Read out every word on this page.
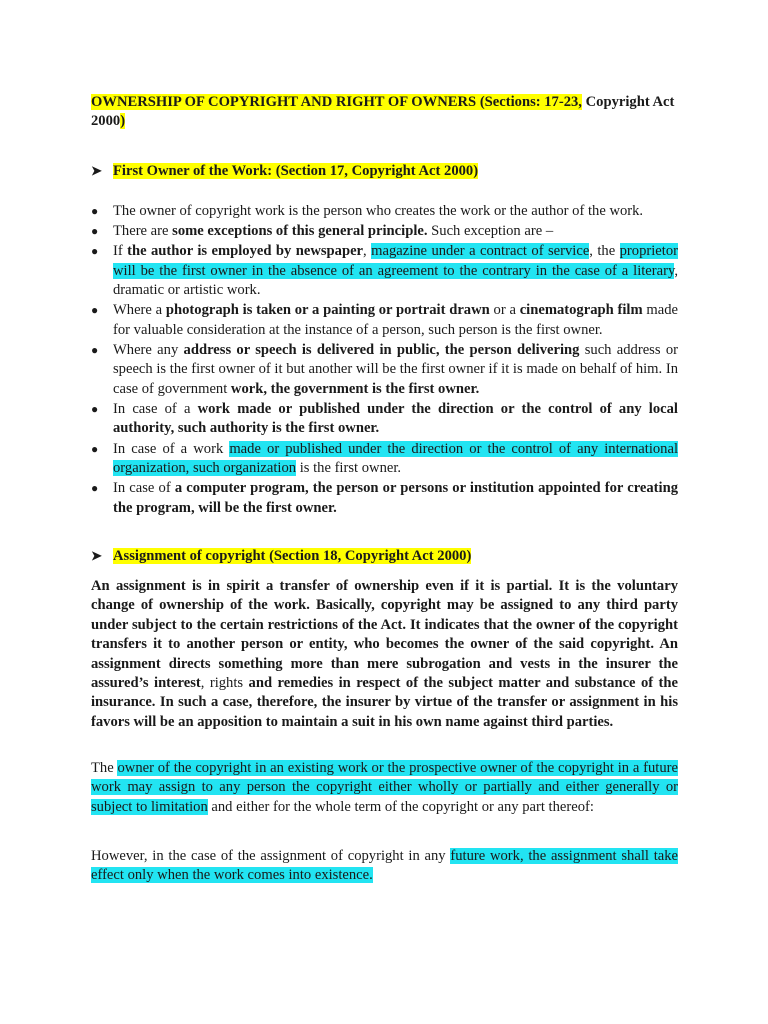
OWNERSHIP OF COPYRIGHT AND RIGHT OF OWNERS (Sections: 17-23, Copyright Act 2000)
➤ First Owner of the Work: (Section 17, Copyright Act 2000)
● The owner of copyright work is the person who creates the work or the author of the work.
● There are some exceptions of this general principle. Such exception are –
● If the author is employed by newspaper, magazine under a contract of service, the proprietor will be the first owner in the absence of an agreement to the contrary in the case of a literary, dramatic or artistic work.
● Where a photograph is taken or a painting or portrait drawn or a cinematograph film made for valuable consideration at the instance of a person, such person is the first owner.
● Where any address or speech is delivered in public, the person delivering such address or speech is the first owner of it but another will be the first owner if it is made on behalf of him. In case of government work, the government is the first owner.
● In case of a work made or published under the direction or the control of any local authority, such authority is the first owner.
● In case of a work made or published under the direction or the control of any international organization, such organization is the first owner.
● In case of a computer program, the person or persons or institution appointed for creating the program, will be the first owner.
➤ Assignment of copyright (Section 18, Copyright Act 2000)
An assignment is in spirit a transfer of ownership even if it is partial. It is the voluntary change of ownership of the work. Basically, copyright may be assigned to any third party under subject to the certain restrictions of the Act. It indicates that the owner of the copyright transfers it to another person or entity, who becomes the owner of the said copyright. An assignment directs something more than mere subrogation and vests in the insurer the assured’s interest, rights and remedies in respect of the subject matter and substance of the insurance. In such a case, therefore, the insurer by virtue of the transfer or assignment in his favors will be an apposition to maintain a suit in his own name against third parties.
The owner of the copyright in an existing work or the prospective owner of the copyright in a future work may assign to any person the copyright either wholly or partially and either generally or subject to limitation and either for the whole term of the copyright or any part thereof:
However, in the case of the assignment of copyright in any future work, the assignment shall take effect only when the work comes into existence.
